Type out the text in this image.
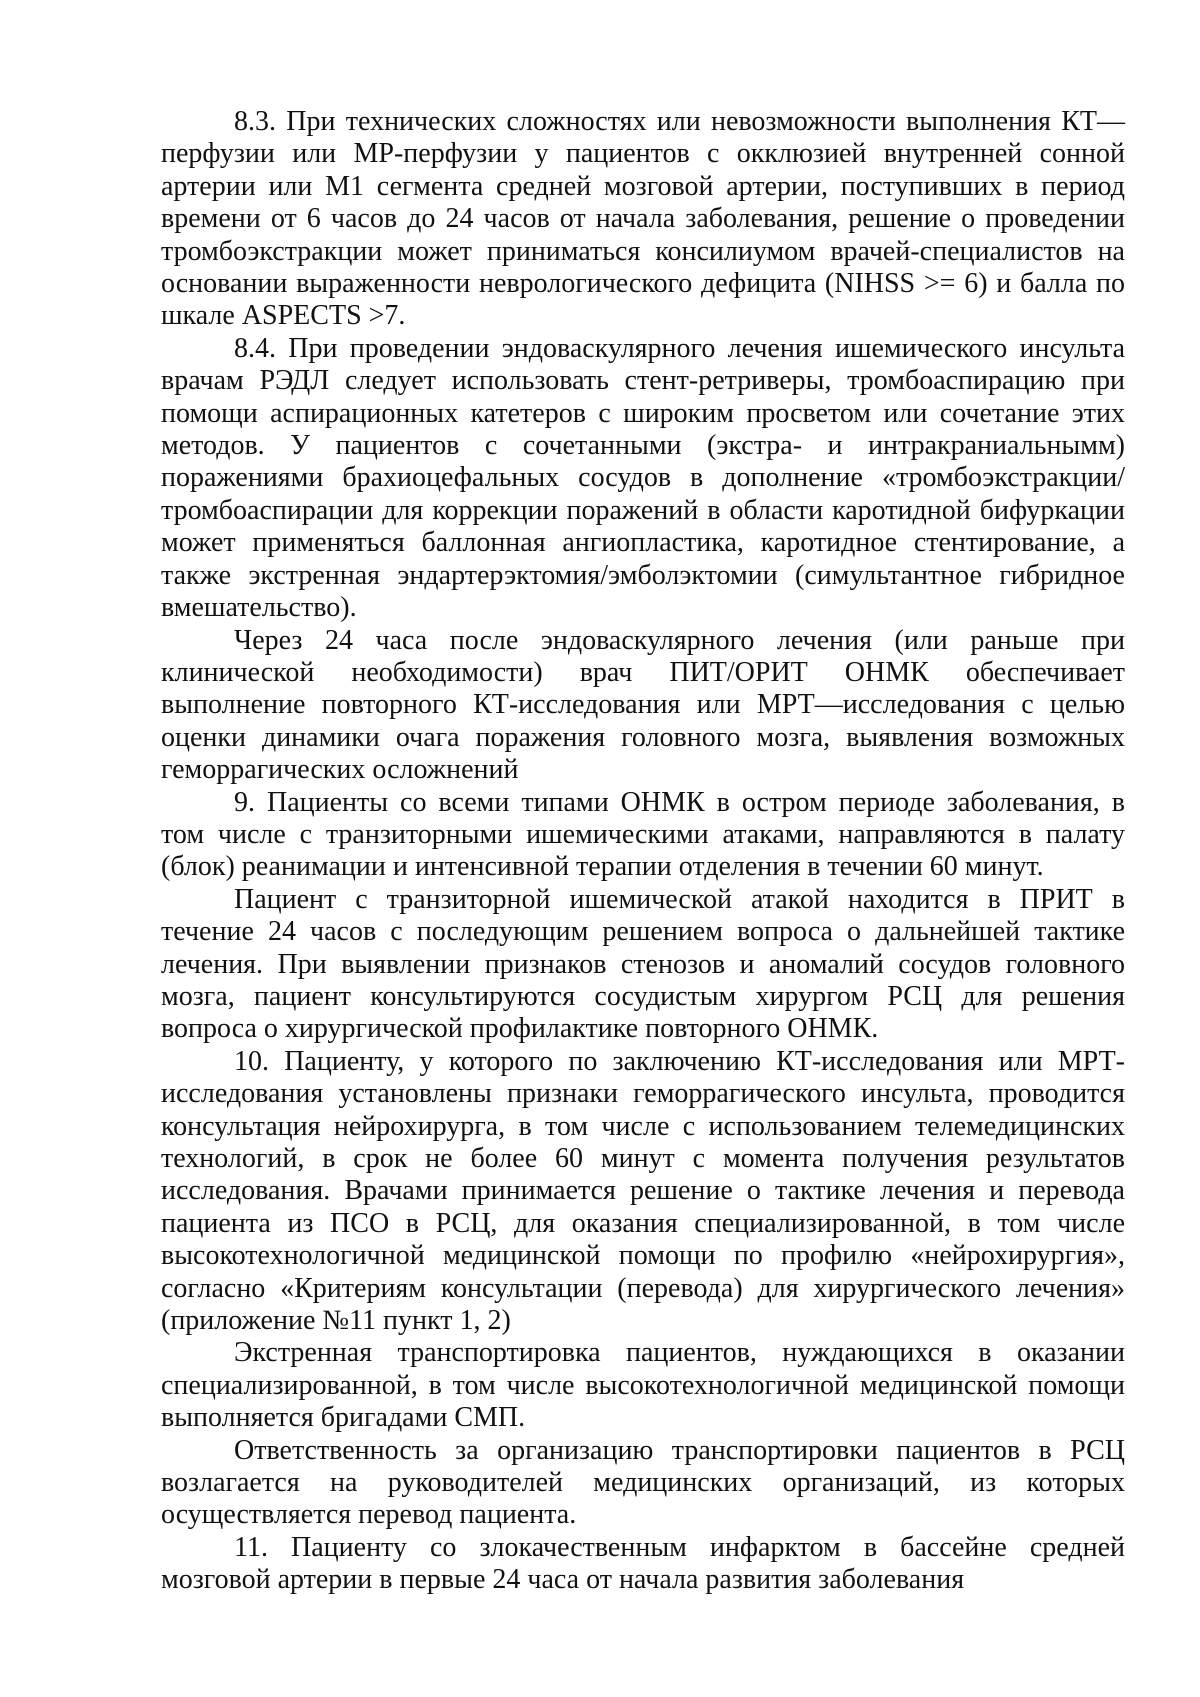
8.3. При технических сложностях или невозможности выполнения КТ—перфузии или МР-перфузии у пациентов с окклюзией внутренней сонной артерии или М1 сегмента средней мозговой артерии, поступивших в период времени от 6 часов до 24 часов от начала заболевания, решение о проведении тромбоэкстракции может приниматься консилиумом врачей-специалистов на основании выраженности неврологического дефицита (NIHSS >= 6) и балла по шкале ASPECTS >7.

8.4. При проведении эндоваскулярного лечения ишемического инсульта врачам РЭДЛ следует использовать стент-ретриверы, тромбоаспирацию при помощи аспирационных катетеров с широким просветом или сочетание этих методов. У пациентов с сочетанными (экстра- и интракраниальнымм) поражениями брахиоцефальных сосудов в дополнение «тромбоэкстракции/тромбоаспирации для коррекции поражений в области каротидной бифуркации может применяться баллонная ангиопластика, каротидное стентирование, а также экстренная эндартерэктомия/эмболэктомии (симультантное гибридное вмешательство).

Через 24 часа после эндоваскулярного лечения (или раньше при клинической необходимости) врач ПИТ/ОРИТ ОНМК обеспечивает выполнение повторного КТ-исследования или МРТ—исследования с целью оценки динамики очага поражения головного мозга, выявления возможных геморрагических осложнений

9. Пациенты со всеми типами ОНМК в остром периоде заболевания, в том числе с транзиторными ишемическими атаками, направляются в палату (блок) реанимации и интенсивной терапии отделения в течении 60 минут.

Пациент с транзиторной ишемической атакой находится в ПРИТ в течение 24 часов с последующим решением вопроса о дальнейшей тактике лечения. При выявлении признаков стенозов и аномалий сосудов головного мозга, пациент консультируются сосудистым хирургом РСЦ для решения вопроса о хирургической профилактике повторного ОНМК.

10. Пациенту, у которого по заключению КТ-исследования или МРТ-исследования установлены признаки геморрагического инсульта, проводится консультация нейрохирурга, в том числе с использованием телемедицинских технологий, в срок не более 60 минут с момента получения результатов исследования. Врачами принимается решение о тактике лечения и перевода пациента из ПСО в РСЦ, для оказания специализированной, в том числе высокотехнологичной медицинской помощи по профилю «нейрохирургия», согласно «Критериям консультации (перевода) для хирургического лечения» (приложение №11 пункт 1, 2)

Экстренная транспортировка пациентов, нуждающихся в оказании специализированной, в том числе высокотехнологичной медицинской помощи выполняется бригадами СМП.

Ответственность за организацию транспортировки пациентов в РСЦ возлагается на руководителей медицинских организаций, из которых осуществляется перевод пациента.

11. Пациенту со злокачественным инфарктом в бассейне средней мозговой артерии в первые 24 часа от начала развития заболевания
